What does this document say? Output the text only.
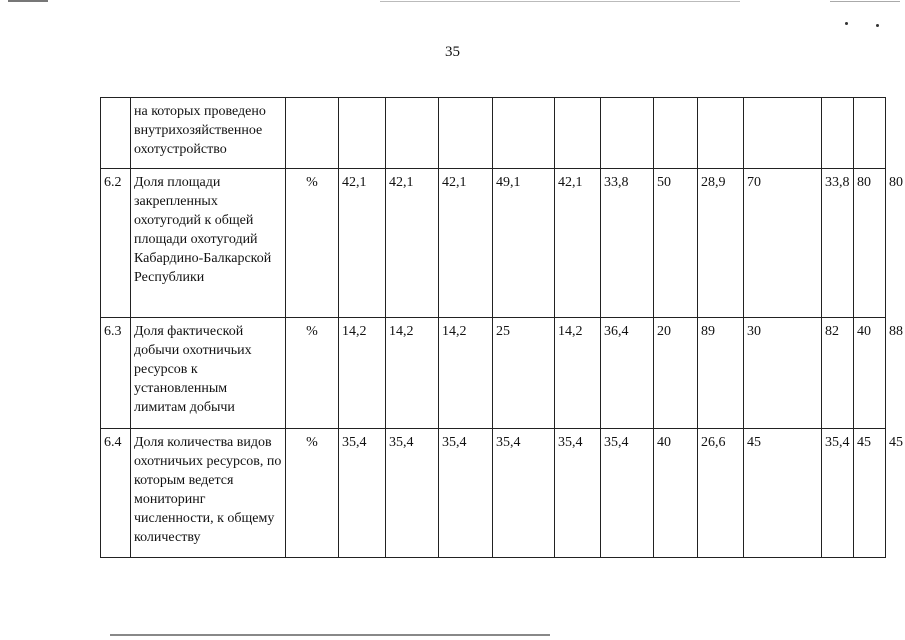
35
	на которых проведено внутрихозяйственное охотустройство													
6.2	Доля площади закрепленных охотугодий к общей площади охотугодий Кабардино-Балкарской Республики	%	42,1	42,1	42,1	49,1	42,1	33,8	50	28,9	70	33,8	80	80
6.3	Доля фактической добычи охотничьих ресурсов к установленным лимитам добычи	%	14,2	14,2	14,2	25	14,2	36,4	20	89	30	82	40	88
6.4	Доля количества видов охотничьих ресурсов, по которым ведется мониторинг численности, к общему количеству	%	35,4	35,4	35,4	35,4	35,4	35,4	40	26,6	45	35,4	45	45
